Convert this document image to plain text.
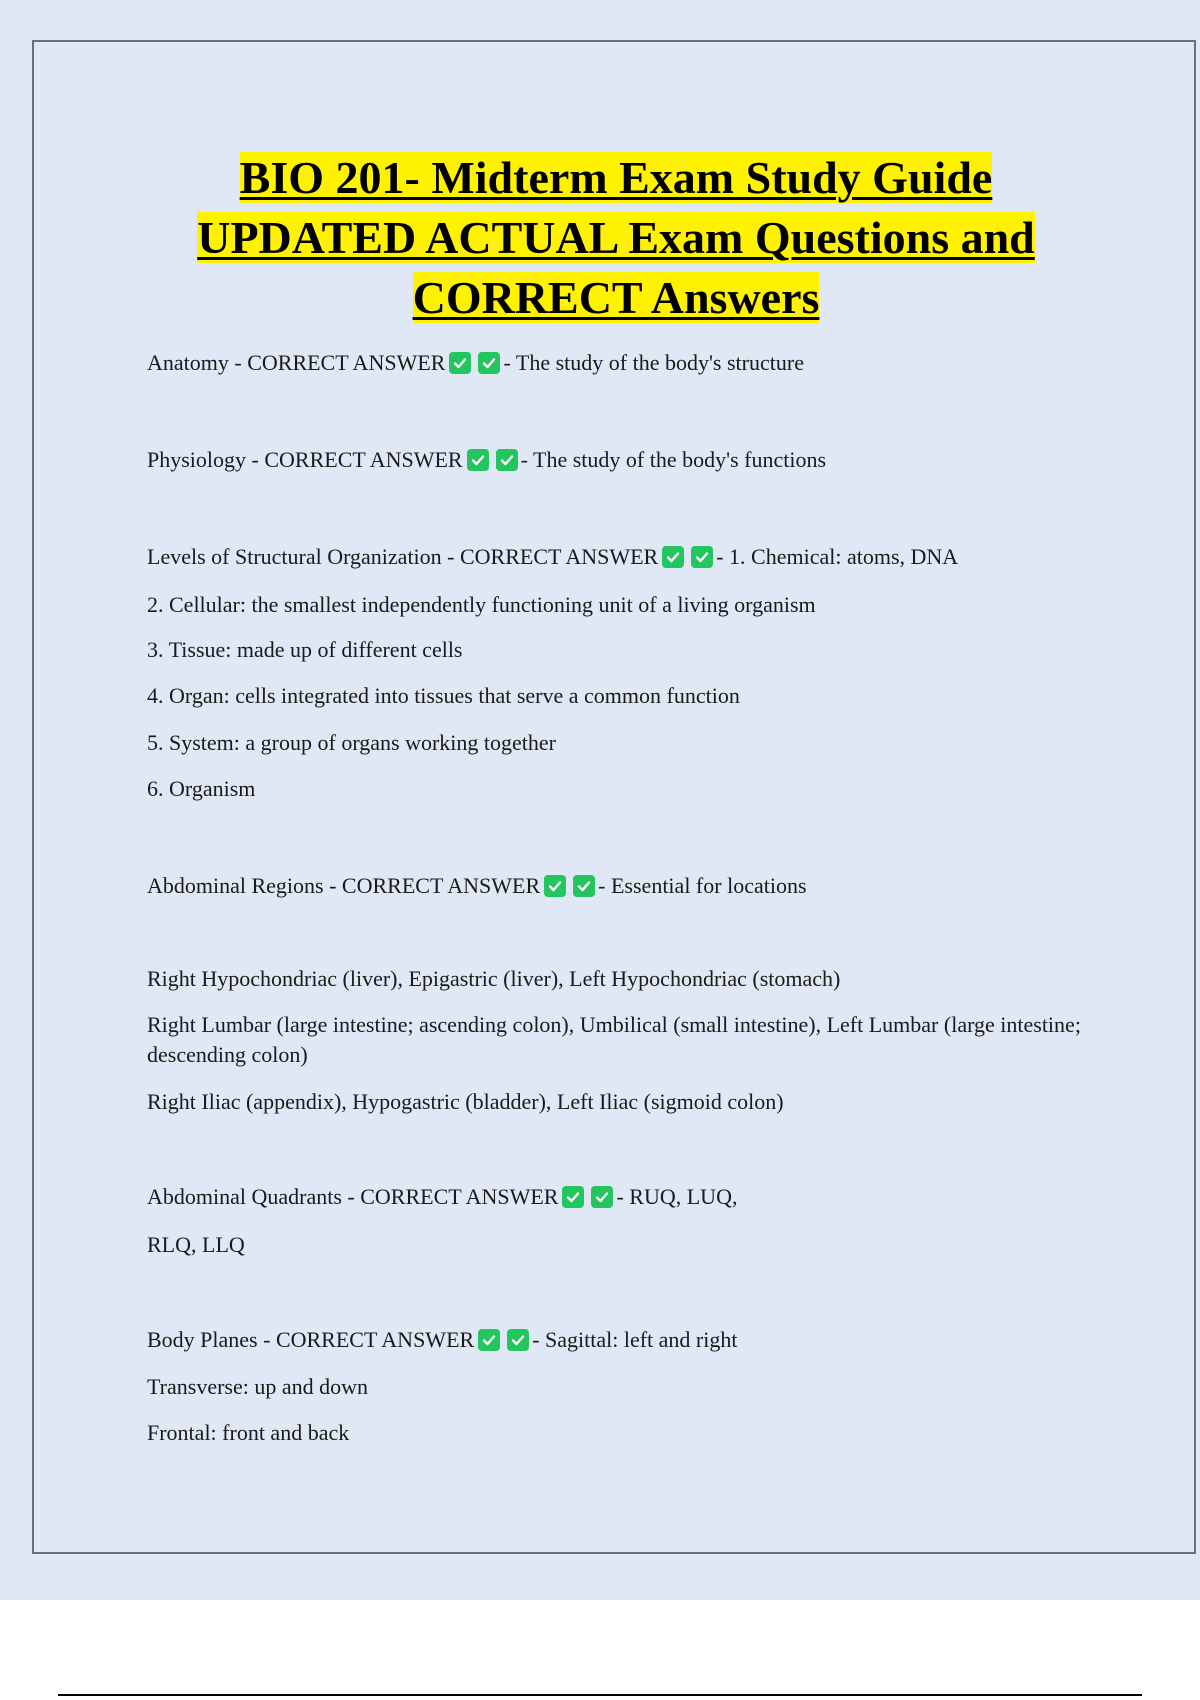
BIO 201- Midterm Exam Study Guide
UPDATED ACTUAL Exam Questions and
CORRECT Answers
Anatomy - CORRECT ANSWER	- The study of the body's structure
Physiology - CORRECT ANSWER	- The study of the body's functions
Levels of Structural Organization - CORRECT ANSWER	- 1. Chemical: atoms, DNA
2. Cellular: the smallest independently functioning unit of a living organism
3. Tissue: made up of different cells
4. Organ: cells integrated into tissues that serve a common function
5. System: a group of organs working together
6. Organism
Abdominal Regions - CORRECT ANSWER	- Essential for locations
Right Hypochondriac (liver), Epigastric (liver), Left Hypochondriac (stomach)
Right Lumbar (large intestine; ascending colon), Umbilical (small intestine), Left Lumbar (large intestine; descending colon)
Right Iliac (appendix), Hypogastric (bladder), Left Iliac (sigmoid colon)
Abdominal Quadrants - CORRECT ANSWER	- RUQ, LUQ,
RLQ, LLQ
Body Planes - CORRECT ANSWER	- Sagittal: left and right
Transverse: up and down
Frontal: front and back
